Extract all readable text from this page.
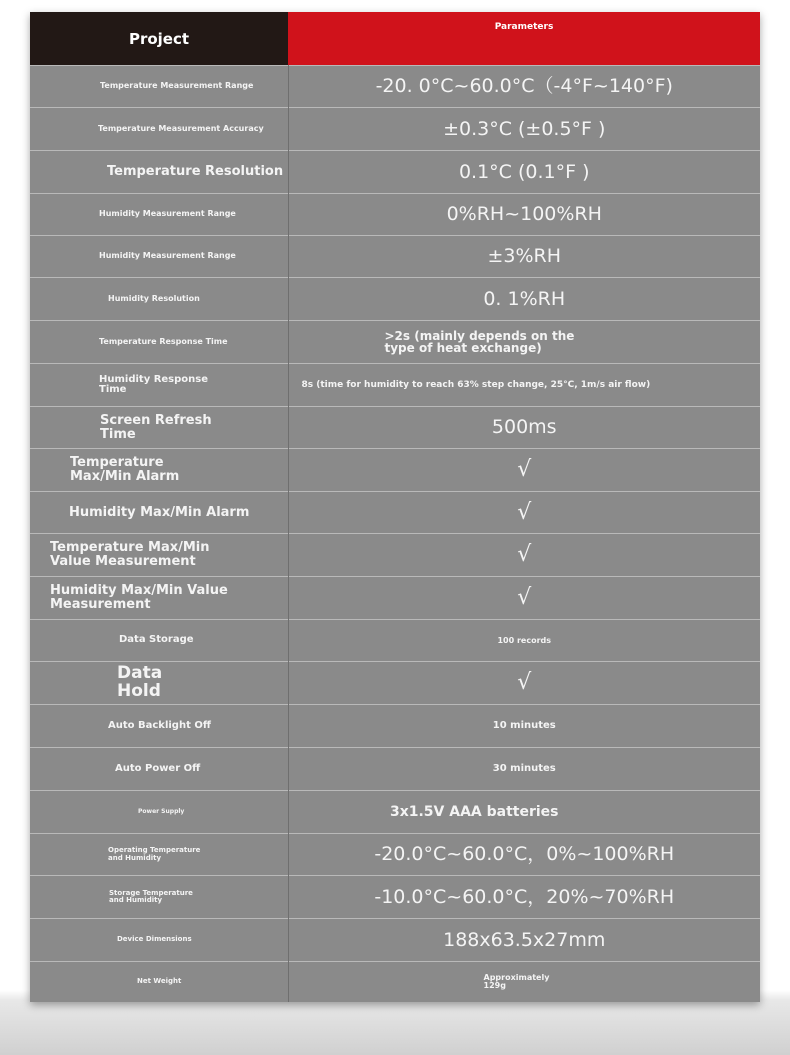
Project	Parameters
Temperature Measurement Range	-20. 0°C~60.0°C（-4°F~140°F)
Temperature Measurement Accuracy	±0.3°C (±0.5°F )
Temperature Resolution	0.1°C (0.1°F )
Humidity Measurement Range	0%RH~100%RH
Humidity Measurement Range	±3%RH
Humidity Resolution	0. 1%RH
Temperature Response Time	>2s (mainly depends on the type of heat exchange)
Humidity Response Time	8s (time for humidity to reach 63% step change, 25°C, 1m/s air flow)
Screen Refresh Time	500ms
Temperature Max/Min Alarm	√
Humidity Max/Min Alarm	√
Temperature Max/Min Value Measurement	√
Humidity Max/Min Value Measurement	√
Data Storage	100 records
Data Hold	√
Auto Backlight Off	10 minutes
Auto Power Off	30 minutes
Power Supply	3x1.5V AAA batteries
Operating Temperature and Humidity	-20.0°C~60.0°C，0%~100%RH
Storage Temperature and Humidity	-10.0°C~60.0°C，20%~70%RH
Device Dimensions	188x63.5x27mm
Net Weight	Approximately 129g
